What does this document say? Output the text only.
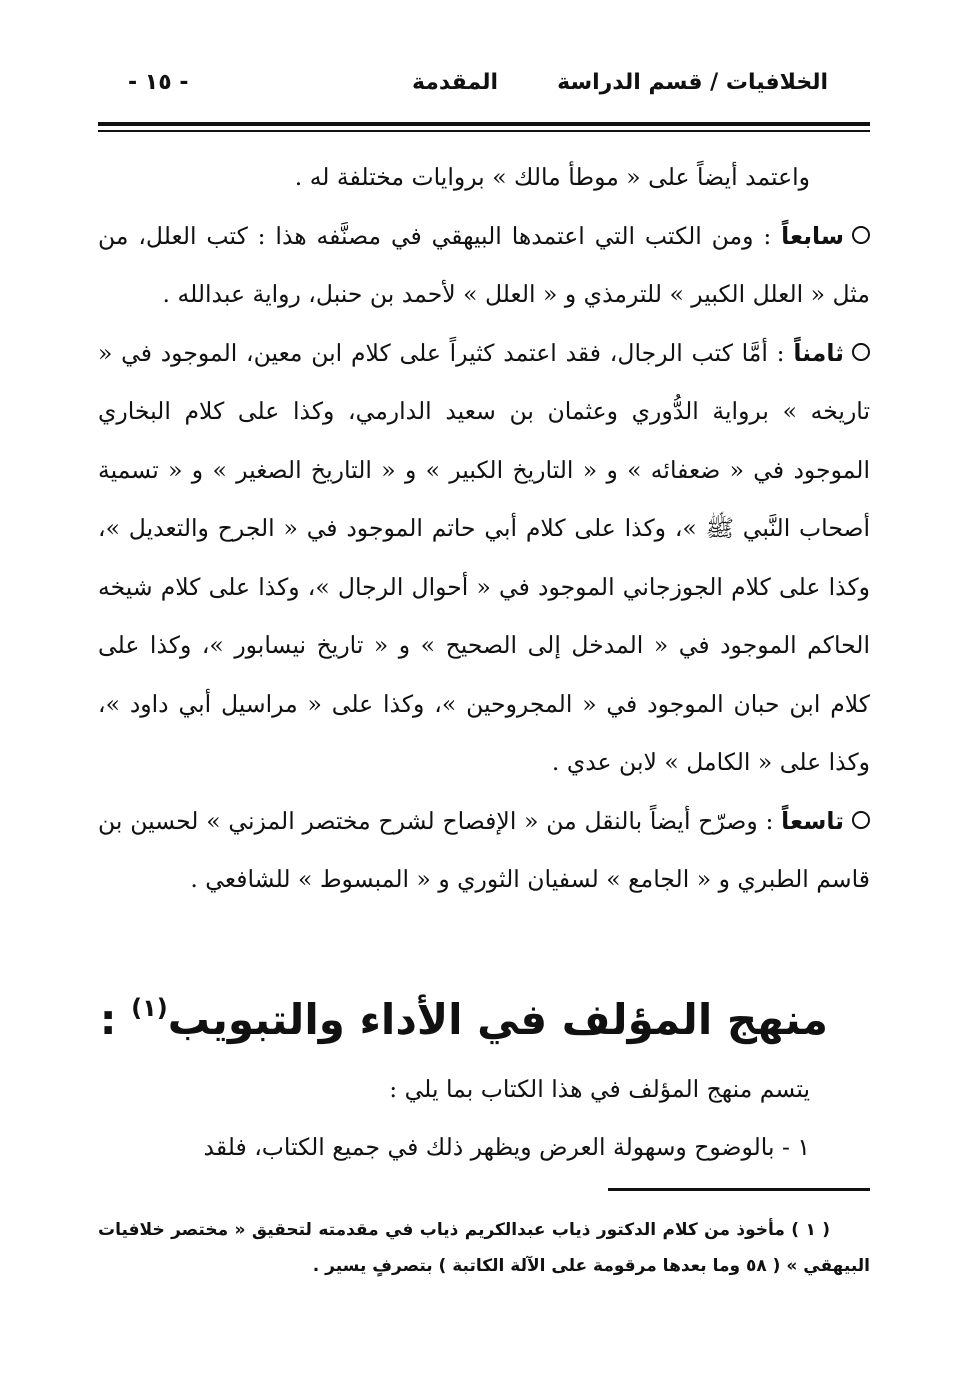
الخلافيات / قسم الدراسة
المقدمة
- ١٥ -

واعتمد أيضاً على « موطأ مالك » بروايات مختلفة له .

سابعاً : ومن الكتب التي اعتمدها البيهقي في مصنَّفه هذا : كتب العلل، من مثل « العلل الكبير » للترمذي و « العلل » لأحمد بن حنبل، رواية عبدالله .

ثامناً : أمَّا كتب الرجال، فقد اعتمد كثيراً على كلام ابن معين، الموجود في « تاريخه » برواية الدُّوري وعثمان بن سعيد الدارمي، وكذا على كلام البخاري الموجود في « ضعفائه » و « التاريخ الكبير » و « التاريخ الصغير » و « تسمية أصحاب النَّبي ﷺ »، وكذا على كلام أبي حاتم الموجود في « الجرح والتعديل »، وكذا على كلام الجوزجاني الموجود في « أحوال الرجال »، وكذا على كلام شيخه الحاكم الموجود في « المدخل إلى الصحيح » و « تاريخ نيسابور »، وكذا على كلام ابن حبان الموجود في « المجروحين »، وكذا على « مراسيل أبي داود »، وكذا على « الكامل » لابن عدي .

تاسعاً : وصرّح أيضاً بالنقل من « الإفصاح لشرح مختصر المزني » لحسين بن قاسم الطبري و « الجامع » لسفيان الثوري و « المبسوط » للشافعي .

منهج المؤلف في الأداء والتبويب$^{(١)}$ :

يتسم منهج المؤلف في هذا الكتاب بما يلي :

١ - بالوضوح وسهولة العرض ويظهر ذلك في جميع الكتاب، فلقد

( ١ ) مأخوذ من كلام الدكتور ذياب عبدالكريم ذياب في مقدمته لتحقيق « مختصر خلافيات البيهقي » ( ٥٨ وما بعدها مرقومة على الآلة الكاتبة ) بتصرفٍ يسير .
